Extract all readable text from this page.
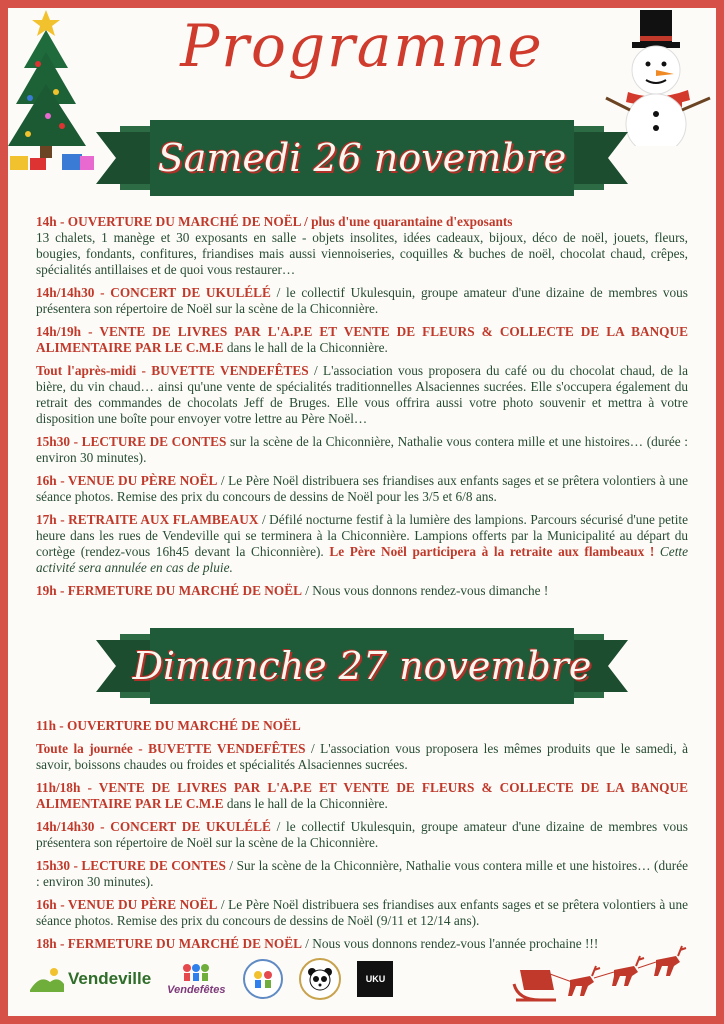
Programme
Samedi 26 novembre
14h - OUVERTURE DU MARCHÉ DE NOËL / plus d'une quarantaine d'exposants
13 chalets, 1 manège et 30 exposants en salle - objets insolites, idées cadeaux, bijoux, déco de noël, jouets, fleurs, bougies, fondants, confitures, friandises mais aussi viennoiseries, coquilles & buches de noël, chocolat chaud, crêpes, spécialités antillaises et de quoi vous restaurer…
14h/14h30 - CONCERT DE UKULÉLÉ / le collectif Ukulesquin, groupe amateur d'une dizaine de membres vous présentera son répertoire de Noël sur la scène de la Chiconnière.
14h/19h - VENTE DE LIVRES PAR L'A.P.E ET VENTE DE FLEURS & COLLECTE DE LA BANQUE ALIMENTAIRE PAR LE C.M.E dans le hall de la Chiconnière.
Tout l'après-midi - BUVETTE VENDEFÊTES / L'association vous proposera du café ou du chocolat chaud, de la bière, du vin chaud… ainsi qu'une vente de spécialités traditionnelles Alsaciennes sucrées. Elle s'occupera également du retrait des commandes de chocolats Jeff de Bruges. Elle vous offrira aussi votre photo souvenir et mettra à votre disposition une boîte pour envoyer votre lettre au Père Noël…
15h30 - LECTURE DE CONTES sur la scène de la Chiconnière, Nathalie vous contera mille et une histoires… (durée : environ 30 minutes).
16h - VENUE DU PÈRE NOËL / Le Père Noël distribuera ses friandises aux enfants sages et se prêtera volontiers à une séance photos. Remise des prix du concours de dessins de Noël pour les 3/5 et 6/8 ans.
17h - RETRAITE AUX FLAMBEAUX / Défilé nocturne festif à la lumière des lampions. Parcours sécurisé d'une petite heure dans les rues de Vendeville qui se terminera à la Chiconnière. Lampions offerts par la Municipalité au départ du cortège (rendez-vous 16h45 devant la Chiconnière). Le Père Noël participera à la retraite aux flambeaux ! Cette activité sera annulée en cas de pluie.
19h - FERMETURE DU MARCHÉ DE NOËL / Nous vous donnons rendez-vous dimanche !
Dimanche 27 novembre
11h - OUVERTURE DU MARCHÉ DE NOËL
Toute la journée - BUVETTE VENDEFÊTES / L'association vous proposera les mêmes produits que le samedi, à savoir, boissons chaudes ou froides et spécialités Alsaciennes sucrées.
11h/18h - VENTE DE LIVRES PAR L'A.P.E ET VENTE DE FLEURS & COLLECTE DE LA BANQUE ALIMENTAIRE PAR LE C.M.E dans le hall de la Chiconnière.
14h/14h30 - CONCERT DE UKULÉLÉ / le collectif Ukulesquin, groupe amateur d'une dizaine de membres vous présentera son répertoire de Noël sur la scène de la Chiconnière.
15h30 - LECTURE DE CONTES / Sur la scène de la Chiconnière, Nathalie vous contera mille et une histoires… (durée : environ 30 minutes).
16h - VENUE DU PÈRE NOËL / Le Père Noël distribuera ses friandises aux enfants sages et se prêtera volontiers à une séance photos. Remise des prix du concours de dessins de Noël (9/11 et 12/14 ans).
18h - FERMETURE DU MARCHÉ DE NOËL / Nous vous donnons rendez-vous l'année prochaine !!!
Vendeville
Vendefêtes
UKU
